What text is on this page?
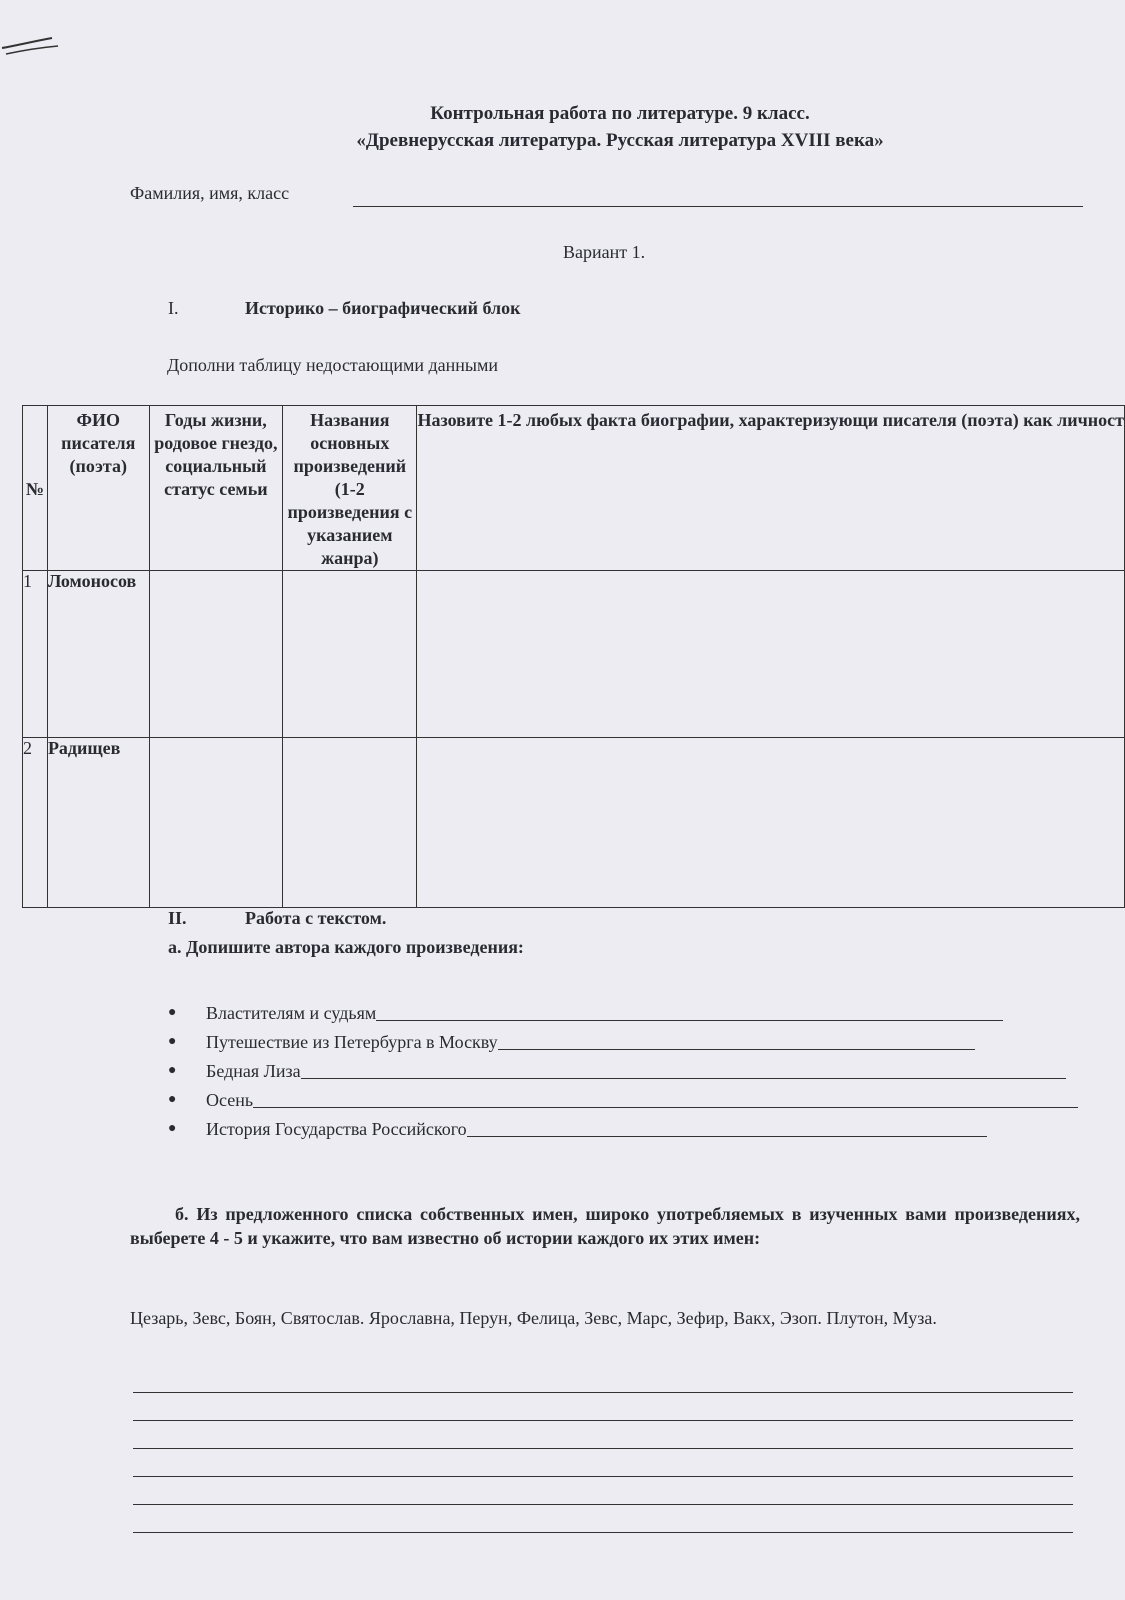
Контрольная работа по литературе. 9 класс.
«Древнерусская литература. Русская литература XVIII века»
Фамилия, имя, класс
Вариант 1.
I.	Историко – биографический блок
Дополни таблицу недостающими данными
№	ФИО писателя (поэта)	Годы жизни, родовое гнездо, социальный статус семьи	Названия основных произведений (1-2 произведения с указанием жанра)	Назовите 1-2 любых факта биографии, характеризующи писателя (поэта) как личност
1	Ломоносов			
2	Радищев			
II.	Работа с текстом.
а. Допишите автора каждого произведения:
●	Властителям и судьям
●	Путешествие из Петербурга в Москву
●	Бедная Лиза
●	Осень
●	История Государства Российского
б. Из предложенного списка собственных имен, широко употребляемых в изученных вами произведениях, выберете 4 - 5 и укажите, что вам известно об истории каждого их этих имен:
Цезарь, Зевс, Боян, Святослав. Ярославна, Перун, Фелица, Зевс, Марс, Зефир, Вакх, Эзоп. Плутон, Муза.
